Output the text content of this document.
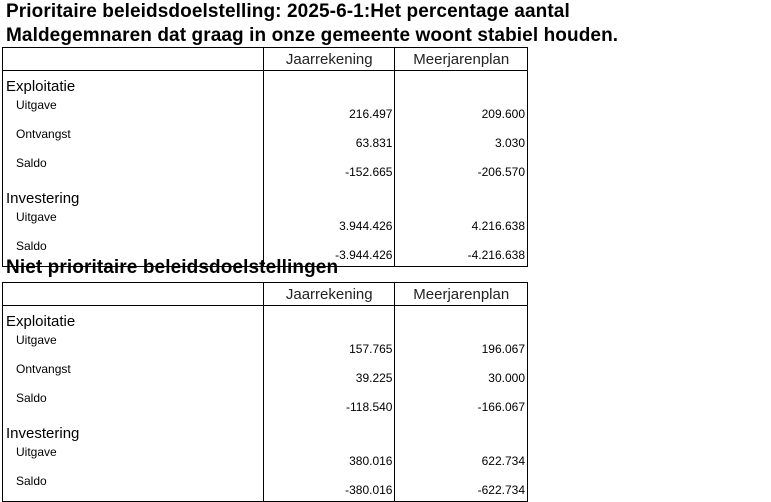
Prioritaire beleidsdoelstelling: 2025-6-1:Het percentage aantal
Maldegemnaren dat graag in onze gemeente woont stabiel houden.
	Jaarrekening	Meerjarenplan
Exploitatie		
Uitgave	216.497	209.600
Ontvangst	63.831	3.030
Saldo	-152.665	-206.570
Investering		
Uitgave	3.944.426	4.216.638
Saldo	-3.944.426	-4.216.638
Niet prioritaire beleidsdoelstellingen
	Jaarrekening	Meerjarenplan
Exploitatie		
Uitgave	157.765	196.067
Ontvangst	39.225	30.000
Saldo	-118.540	-166.067
Investering		
Uitgave	380.016	622.734
Saldo	-380.016	-622.734
